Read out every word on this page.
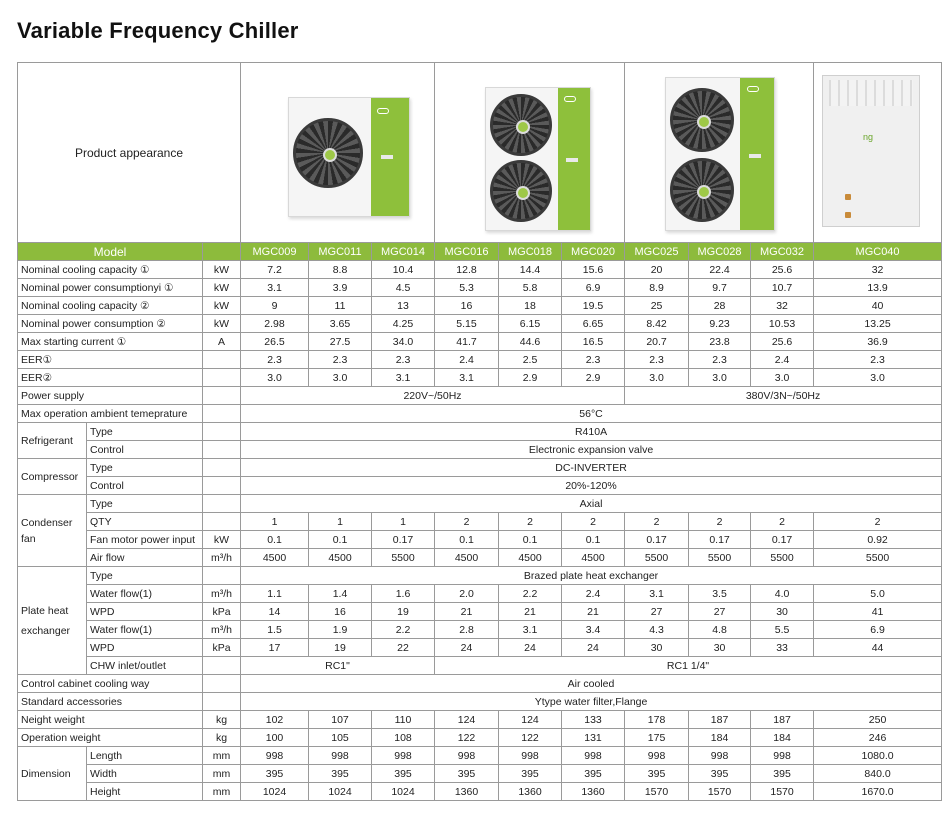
Variable Frequency Chiller
Product appearance												ng

Model			MGC009	MGC011	MGC014	MGC016	MGC018	MGC020	MGC025	MGC028	MGC032	MGC040
Nominal cooling capacity ①		kW	7.2	8.8	10.4	12.8	14.4	15.6	20	22.4	25.6	32
Nominal power consumptionyi ①		kW	3.1	3.9	4.5	5.3	5.8	6.9	8.9	9.7	10.7	13.9
Nominal cooling capacity ②		kW	9	11	13	16	18	19.5	25	28	32	40
Nominal power consumption ②		kW	2.98	3.65	4.25	5.15	6.15	6.65	8.42	9.23	10.53	13.25
Max starting current ①		A	26.5	27.5	34.0	41.7	44.6	16.5	20.7	23.8	25.6	36.9
EER①			2.3	2.3	2.3	2.4	2.5	2.3	2.3	2.3	2.4	2.3
EER②			3.0	3.0	3.1	3.1	2.9	2.9	3.0	3.0	3.0	3.0
Power supply			220V~/50Hz						380V/3N~/50Hz			
Max operation ambient temeprature			56°C									
Refrigerant	Type		R410A									
	Control		Electronic expansion valve									
Compressor	Type		DC-INVERTER									
	Control		20%-120%									

Condenser
fan	Type		Axial									
	QTY		1	1	1	2	2	2	2	2	2	2
	Fan motor power input	kW	0.1	0.1	0.17	0.1	0.1	0.1	0.17	0.17	0.17	0.92
	Air flow	m³/h	4500	4500	5500	4500	4500	4500	5500	5500	5500	5500

Plate heat
exchanger	Type		Brazed plate heat exchanger									
	Water flow(1)	m³/h	1.1	1.4	1.6	2.0	2.2	2.4	3.1	3.5	4.0	5.0
	WPD	kPa	14	16	19	21	21	21	27	27	30	41
	Water flow(1)	m³/h	1.5	1.9	2.2	2.8	3.1	3.4	4.3	4.8	5.5	6.9
	WPD	kPa	17	19	22	24	24	24	30	30	33	44
	CHW inlet/outlet		RC1"			RC1 1/4"						
Control cabinet cooling way			Air cooled									
Standard accessories			Ytype water filter,Flange									
Neight weight		kg	102	107	110	124	124	133	178	187	187	250
Operation weight		kg	100	105	108	122	122	131	175	184	184	246
Dimension	Length	mm	998	998	998	998	998	998	998	998	998	1080.0
	Width	mm	395	395	395	395	395	395	395	395	395	840.0
	Height	mm	1024	1024	1024	1360	1360	1360	1570	1570	1570	1670.0
